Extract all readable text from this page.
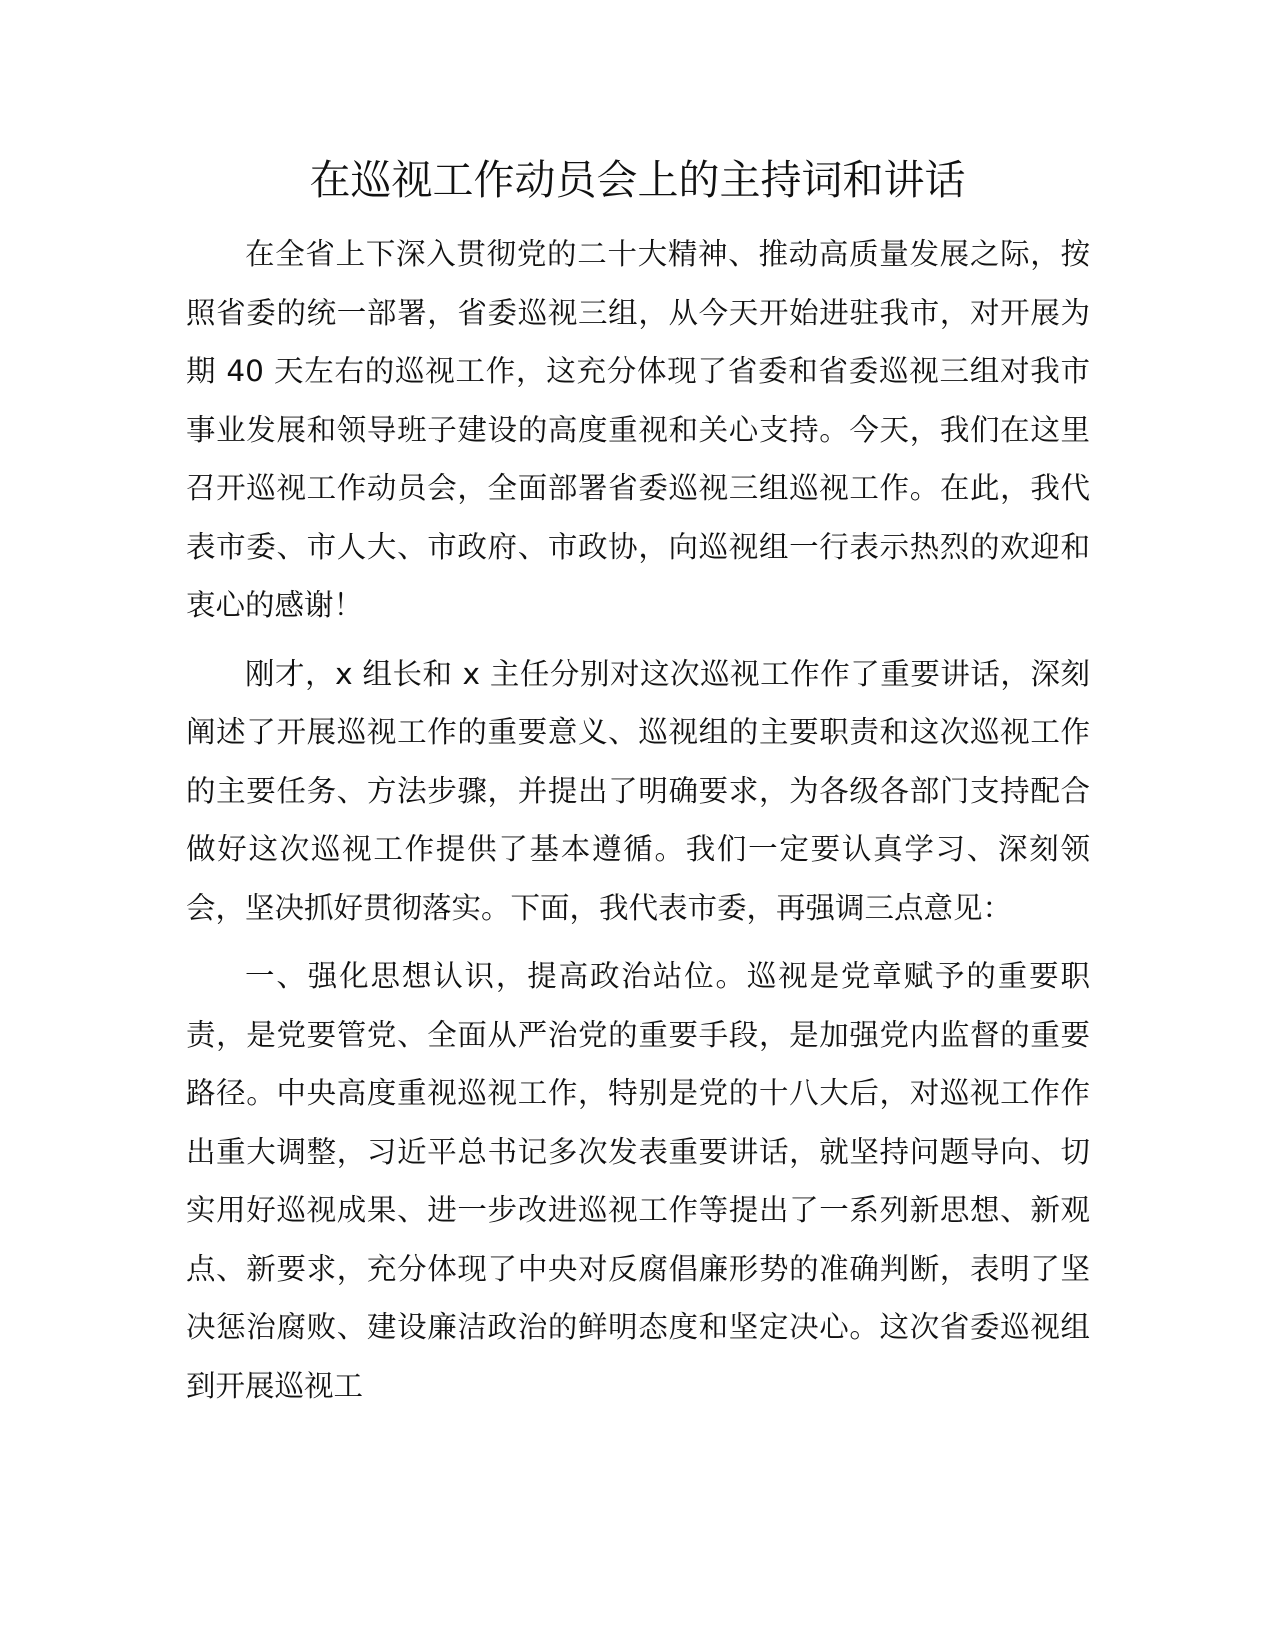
在巡视工作动员会上的主持词和讲话

在全省上下深入贯彻党的二十大精神、推动高质量发展之际，按照省委的统一部署，省委巡视三组，从今天开始进驻我市，对开展为期 40 天左右的巡视工作，这充分体现了省委和省委巡视三组对我市事业发展和领导班子建设的高度重视和关心支持。今天，我们在这里召开巡视工作动员会，全面部署省委巡视三组巡视工作。在此，我代表市委、市人大、市政府、市政协，向巡视组一行表示热烈的欢迎和衷心的感谢！

刚才，x 组长和 x 主任分别对这次巡视工作作了重要讲话，深刻阐述了开展巡视工作的重要意义、巡视组的主要职责和这次巡视工作的主要任务、方法步骤，并提出了明确要求，为各级各部门支持配合做好这次巡视工作提供了基本遵循。我们一定要认真学习、深刻领会，坚决抓好贯彻落实。下面，我代表市委，再强调三点意见：

一、强化思想认识，提高政治站位。巡视是党章赋予的重要职责，是党要管党、全面从严治党的重要手段，是加强党内监督的重要路径。中央高度重视巡视工作，特别是党的十八大后，对巡视工作作出重大调整，习近平总书记多次发表重要讲话，就坚持问题导向、切实用好巡视成果、进一步改进巡视工作等提出了一系列新思想、新观点、新要求，充分体现了中央对反腐倡廉形势的准确判断，表明了坚决惩治腐败、建设廉洁政治的鲜明态度和坚定决心。这次省委巡视组到开展巡视工
